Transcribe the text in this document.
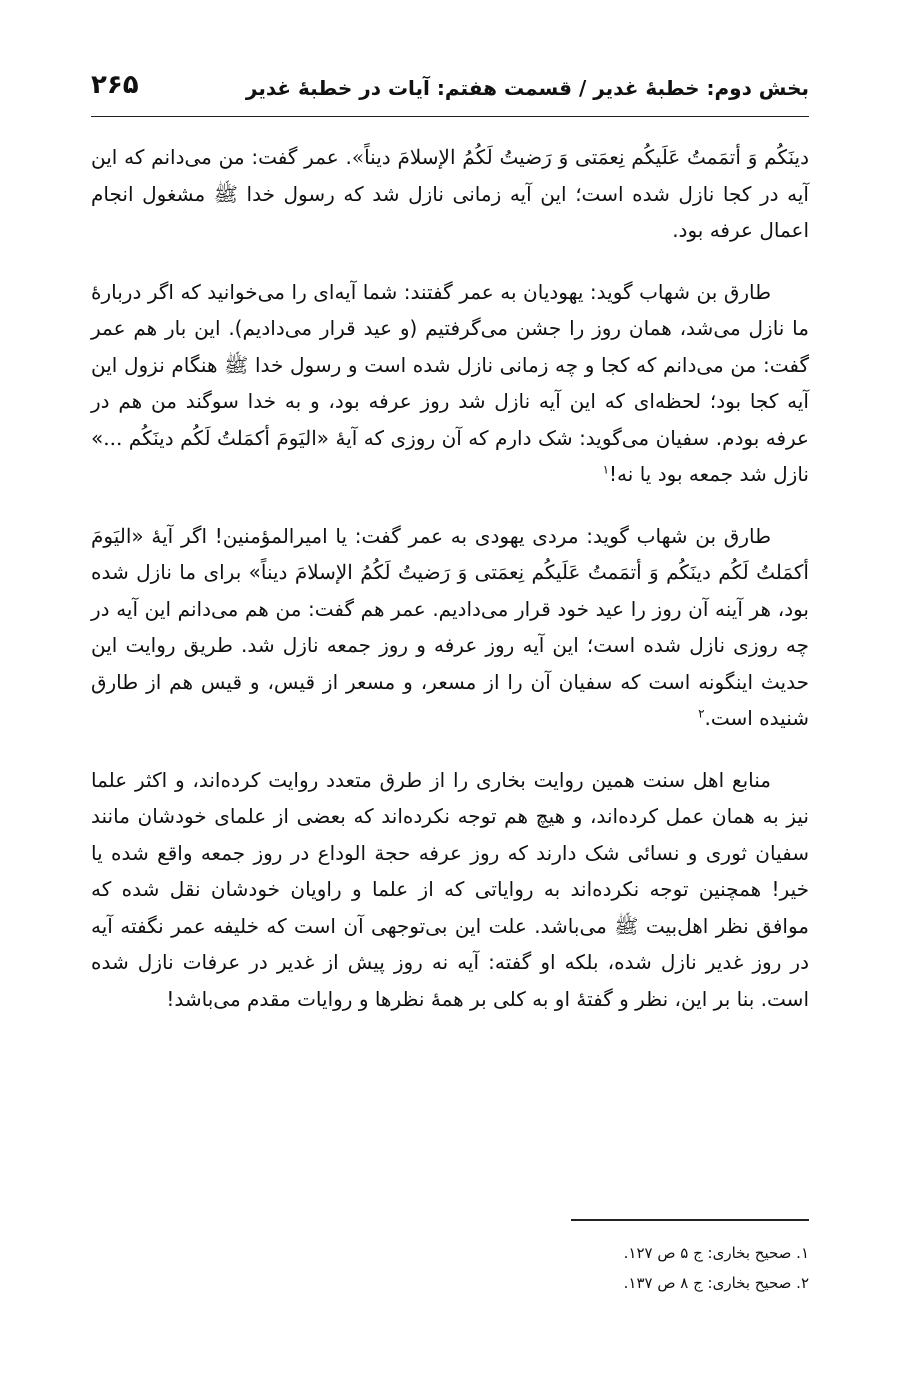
بخش دوم: خطبهٔ غدیر / قسمت هفتم: آیات در خطبهٔ غدیر
۲۶۵

دینَکُم وَ أتمَمتُ عَلَیکُم نِعمَتی وَ رَضیتُ لَکُمُ الإسلامَ دیناً». عمر گفت: من می‌دانم که این آیه در کجا نازل شده است؛ این آیه زمانی نازل شد که رسول خدا ﷺ مشغول انجام اعمال عرفه بود.

طارق بن شهاب گوید: یهودیان به عمر گفتند: شما آیه‌ای را می‌خوانید که اگر دربارهٔ ما نازل می‌شد، همان روز را جشن می‌گرفتیم (و عید قرار می‌دادیم). این بار هم عمر گفت: من می‌دانم که کجا و چه زمانی نازل شده است و رسول خدا ﷺ هنگام نزول این آیه کجا بود؛ لحظه‌ای که این آیه نازل شد روز عرفه بود، و به خدا سوگند من هم در عرفه بودم. سفیان می‌گوید: شک دارم که آن روزی که آیهٔ «الیَومَ أکمَلتُ لَکُم دینَکُم ...» نازل شد جمعه بود یا نه!$^۱$

طارق بن شهاب گوید: مردی یهودی به عمر گفت: یا امیرالمؤمنین! اگر آیهٔ «الیَومَ أکمَلتُ لَکُم دینَکُم وَ أتمَمتُ عَلَیکُم نِعمَتی وَ رَضیتُ لَکُمُ الإسلامَ دیناً» برای ما نازل شده بود، هر آینه آن روز را عید خود قرار می‌دادیم. عمر هم گفت: من هم می‌دانم این آیه در چه روزی نازل شده است؛ این آیه روز عرفه و روز جمعه نازل شد. طریق روایت این حدیث اینگونه است که سفیان آن را از مسعر، و مسعر از قیس، و قیس هم از طارق شنیده است.$^۲$

منابع اهل سنت همین روایت بخاری را از طرق متعدد روایت کرده‌اند، و اکثر علما نیز به همان عمل کرده‌اند، و هیچ هم توجه نکرده‌اند که بعضی از علمای خودشان مانند سفیان ثوری و نسائی شک دارند که روز عرفه حجة الوداع در روز جمعه واقع شده یا خیر! همچنین توجه نکرده‌اند به روایاتی که از علما و راویان خودشان نقل شده که موافق نظر اهل‌بیت ﷺ می‌باشد. علت این بی‌توجهی آن است که خلیفه عمر نگفته آیه در روز غدیر نازل شده، بلکه او گفته: آیه نه روز پیش از غدیر در عرفات نازل شده است. بنا بر این، نظر و گفتهٔ او به کلی بر همهٔ نظرها و روایات مقدم می‌باشد!

۱. صحیح بخاری: ج ۵ ص ۱۲۷.

۲. صحیح بخاری: ج ۸ ص ۱۳۷.
